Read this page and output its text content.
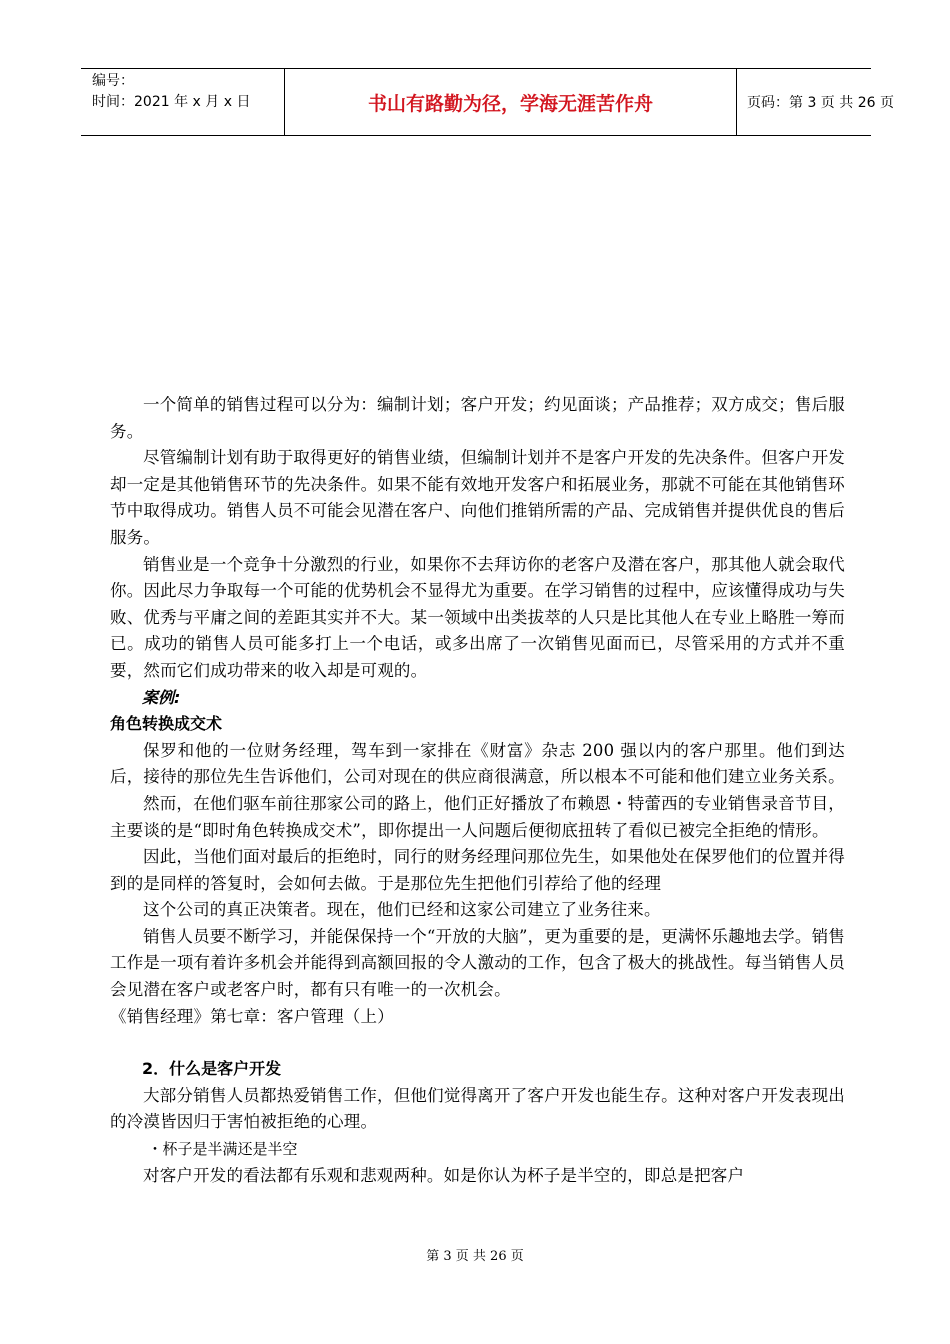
编号：
时间：2021 年 x 月 x 日	书山有路勤为径，学海无涯苦作舟	页码：第 3 页 共 26 页

一个简单的销售过程可以分为：编制计划；客户开发；约见面谈；产品推荐；双方成交；售后服务。

尽管编制计划有助于取得更好的销售业绩，但编制计划并不是客户开发的先决条件。但客户开发却一定是其他销售环节的先决条件。如果不能有效地开发客户和拓展业务，那就不可能在其他销售环节中取得成功。销售人员不可能会见潜在客户、向他们推销所需的产品、完成销售并提供优良的售后服务。

销售业是一个竞争十分激烈的行业，如果你不去拜访你的老客户及潜在客户，那其他人就会取代你。因此尽力争取每一个可能的优势机会不显得尤为重要。在学习销售的过程中，应该懂得成功与失败、优秀与平庸之间的差距其实并不大。某一领域中出类拔萃的人只是比其他人在专业上略胜一筹而已。成功的销售人员可能多打上一个电话，或多出席了一次销售见面而已，尽管采用的方式并不重要，然而它们成功带来的收入却是可观的。

案例:

角色转换成交术

保罗和他的一位财务经理，驾车到一家排在《财富》杂志 200 强以内的客户那里。他们到达后，接待的那位先生告诉他们，公司对现在的供应商很满意，所以根本不可能和他们建立业务关系。

然而，在他们驱车前往那家公司的路上，他们正好播放了布赖恩・特蕾西的专业销售录音节目，主要谈的是“即时角色转换成交术”，即你提出一人问题后便彻底扭转了看似已被完全拒绝的情形。

因此，当他们面对最后的拒绝时，同行的财务经理问那位先生，如果他处在保罗他们的位置并得到的是同样的答复时，会如何去做。于是那位先生把他们引荐给了他的经理

这个公司的真正决策者。现在，他们已经和这家公司建立了业务往来。

销售人员要不断学习，并能保保持一个“开放的大脑”，更为重要的是，更满怀乐趣地去学。销售工作是一项有着许多机会并能得到高额回报的令人激动的工作，包含了极大的挑战性。每当销售人员会见潜在客户或老客户时，都有只有唯一的一次机会。

《销售经理》第七章：客户管理（上）

2．什么是客户开发

大部分销售人员都热爱销售工作，但他们觉得离开了客户开发也能生存。这种对客户开发表现出的冷漠皆因归于害怕被拒绝的心理。

・杯子是半满还是半空

对客户开发的看法都有乐观和悲观两种。如是你认为杯子是半空的，即总是把客户

第 3 页 共 26 页
